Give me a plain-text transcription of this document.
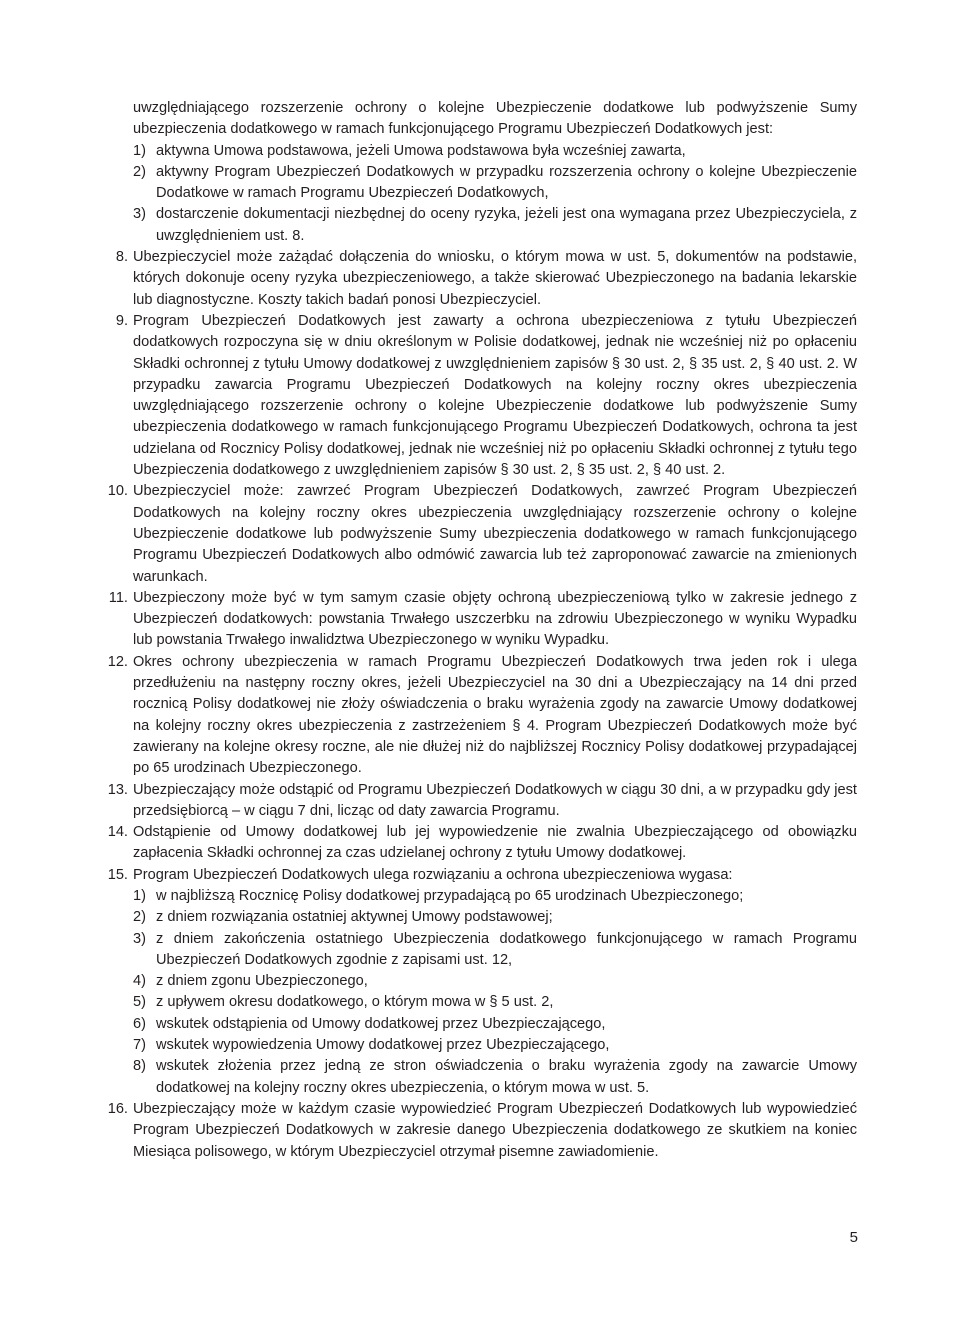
uwzględniającego rozszerzenie ochrony o kolejne Ubezpieczenie dodatkowe lub podwyższenie Sumy ubezpieczenia dodatkowego w ramach funkcjonującego Programu Ubezpieczeń Dodatkowych jest:

1) aktywna Umowa podstawowa, jeżeli Umowa podstawowa była wcześniej zawarta,
2) aktywny Program Ubezpieczeń Dodatkowych w przypadku rozszerzenia ochrony o kolejne Ubezpieczenie Dodatkowe w ramach Programu Ubezpieczeń Dodatkowych,
3) dostarczenie dokumentacji niezbędnej do oceny ryzyka, jeżeli jest ona wymagana przez Ubezpieczyciela, z uwzględnieniem ust. 8.
8. Ubezpieczyciel może zażądać dołączenia do wniosku, o którym mowa w ust. 5, dokumentów na podstawie, których dokonuje oceny ryzyka ubezpieczeniowego, a także skierować Ubezpieczonego na badania lekarskie lub diagnostyczne. Koszty takich badań ponosi Ubezpieczyciel.
9. Program Ubezpieczeń Dodatkowych jest zawarty a ochrona ubezpieczeniowa z tytułu Ubezpieczeń dodatkowych rozpoczyna się w dniu określonym w Polisie dodatkowej, jednak nie wcześniej niż po opłaceniu Składki ochronnej z tytułu Umowy dodatkowej z uwzględnieniem zapisów § 30 ust. 2, § 35 ust. 2, § 40 ust. 2. W przypadku zawarcia Programu Ubezpieczeń Dodatkowych na kolejny roczny okres ubezpieczenia uwzględniającego rozszerzenie ochrony o kolejne Ubezpieczenie dodatkowe lub podwyższenie Sumy ubezpieczenia dodatkowego w ramach funkcjonującego Programu Ubezpieczeń Dodatkowych, ochrona ta jest udzielana od Rocznicy Polisy dodatkowej, jednak nie wcześniej niż po opłaceniu Składki ochronnej z tytułu tego Ubezpieczenia dodatkowego z uwzględnieniem zapisów § 30 ust. 2, § 35 ust. 2, § 40 ust. 2.
10. Ubezpieczyciel może: zawrzeć Program Ubezpieczeń Dodatkowych, zawrzeć Program Ubezpieczeń Dodatkowych na kolejny roczny okres ubezpieczenia uwzględniający rozszerzenie ochrony o kolejne Ubezpieczenie dodatkowe lub podwyższenie Sumy ubezpieczenia dodatkowego w ramach funkcjonującego Programu Ubezpieczeń Dodatkowych albo odmówić zawarcia lub też zaproponować zawarcie na zmienionych warunkach.
11. Ubezpieczony może być w tym samym czasie objęty ochroną ubezpieczeniową tylko w zakresie jednego z Ubezpieczeń dodatkowych: powstania Trwałego uszczerbku na zdrowiu Ubezpieczonego w wyniku Wypadku lub powstania Trwałego inwalidztwa Ubezpieczonego w wyniku Wypadku.
12. Okres ochrony ubezpieczenia w ramach Programu Ubezpieczeń Dodatkowych trwa jeden rok i ulega przedłużeniu na następny roczny okres, jeżeli Ubezpieczyciel na 30 dni a Ubezpieczający na 14 dni przed rocznicą Polisy dodatkowej nie złoży oświadczenia o braku wyrażenia zgody na zawarcie Umowy dodatkowej na kolejny roczny okres ubezpieczenia z zastrzeżeniem § 4. Program Ubezpieczeń Dodatkowych może być zawierany na kolejne okresy roczne, ale nie dłużej niż do najbliższej Rocznicy Polisy dodatkowej przypadającej po 65 urodzinach Ubezpieczonego.
13. Ubezpieczający może odstąpić od Programu Ubezpieczeń Dodatkowych w ciągu 30 dni, a w przypadku gdy jest przedsiębiorcą – w ciągu 7 dni, licząc od daty zawarcia Programu.
14. Odstąpienie od Umowy dodatkowej lub jej wypowiedzenie nie zwalnia Ubezpieczającego od obowiązku zapłacenia Składki ochronnej za czas udzielanej ochrony z tytułu Umowy dodatkowej.
15. Program Ubezpieczeń Dodatkowych ulega rozwiązaniu a ochrona ubezpieczeniowa wygasa:
1) w najbliższą Rocznicę Polisy dodatkowej przypadającą po 65 urodzinach Ubezpieczonego;
2) z dniem rozwiązania ostatniej aktywnej Umowy podstawowej;
3) z dniem zakończenia ostatniego Ubezpieczenia dodatkowego funkcjonującego w ramach Programu Ubezpieczeń Dodatkowych zgodnie z zapisami ust. 12,
4) z dniem zgonu Ubezpieczonego,
5) z upływem okresu dodatkowego, o którym mowa w § 5 ust. 2,
6) wskutek odstąpienia od Umowy dodatkowej przez Ubezpieczającego,
7) wskutek wypowiedzenia Umowy dodatkowej przez Ubezpieczającego,
8) wskutek złożenia przez jedną ze stron oświadczenia o braku wyrażenia zgody na zawarcie Umowy dodatkowej na kolejny roczny okres ubezpieczenia, o którym mowa w ust. 5.
16. Ubezpieczający może w każdym czasie wypowiedzieć Program Ubezpieczeń Dodatkowych lub wypowiedzieć Program Ubezpieczeń Dodatkowych w zakresie danego Ubezpieczenia dodatkowego ze skutkiem na koniec Miesiąca polisowego, w którym Ubezpieczyciel otrzymał pisemne zawiadomienie.
5
